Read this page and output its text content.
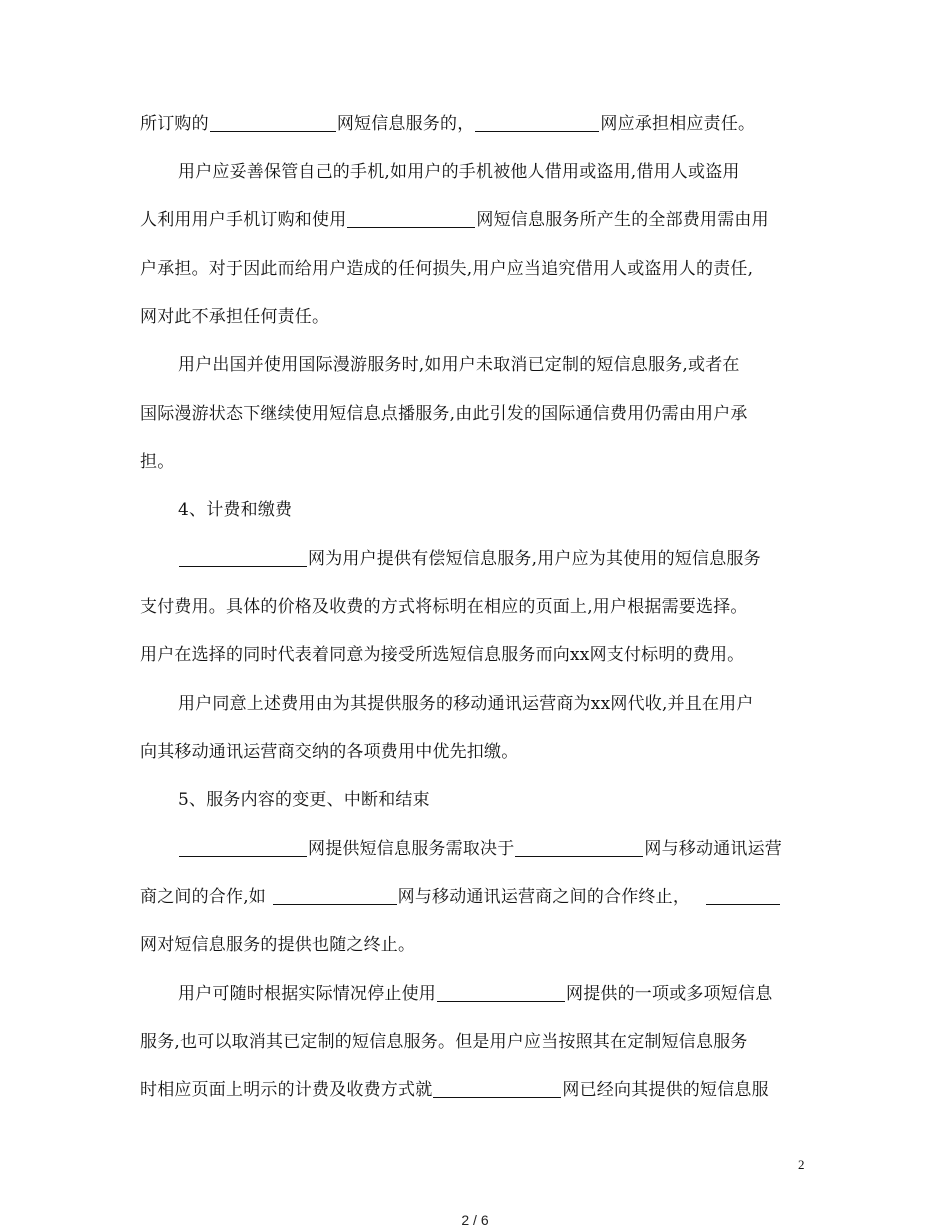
所订购的	网短信息服务的，	网应承担相应责任。
用户应妥善保管自己的手机,如用户的手机被他人借用或盗用,借用人或盗用
人利用用户手机订购和使用	网短信息服务所产生的全部费用需由用
户承担。对于因此而给用户造成的任何损失,用户应当追究借用人或盗用人的责任,
网对此不承担任何责任。
用户出国并使用国际漫游服务时,如用户未取消已定制的短信息服务,或者在
国际漫游状态下继续使用短信息点播服务,由此引发的国际通信费用仍需由用户承
担。
4、计费和缴费
网为用户提供有偿短信息服务,用户应为其使用的短信息服务
支付费用。具体的价格及收费的方式将标明在相应的页面上,用户根据需要选择。
用户在选择的同时代表着同意为接受所选短信息服务而向xx网支付标明的费用。
用户同意上述费用由为其提供服务的移动通讯运营商为xx网代收,并且在用户
向其移动通讯运营商交纳的各项费用中优先扣缴。
5、服务内容的变更、中断和结束
网提供短信息服务需取决于	网与移动通讯运营
商之间的合作,如	网与移动通讯运营商之间的合作终止，
网对短信息服务的提供也随之终止。
用户可随时根据实际情况停止使用	网提供的一项或多项短信息
服务,也可以取消其已定制的短信息服务。但是用户应当按照其在定制短信息服务
时相应页面上明示的计费及收费方式就	网已经向其提供的短信息服
2
2 / 6
